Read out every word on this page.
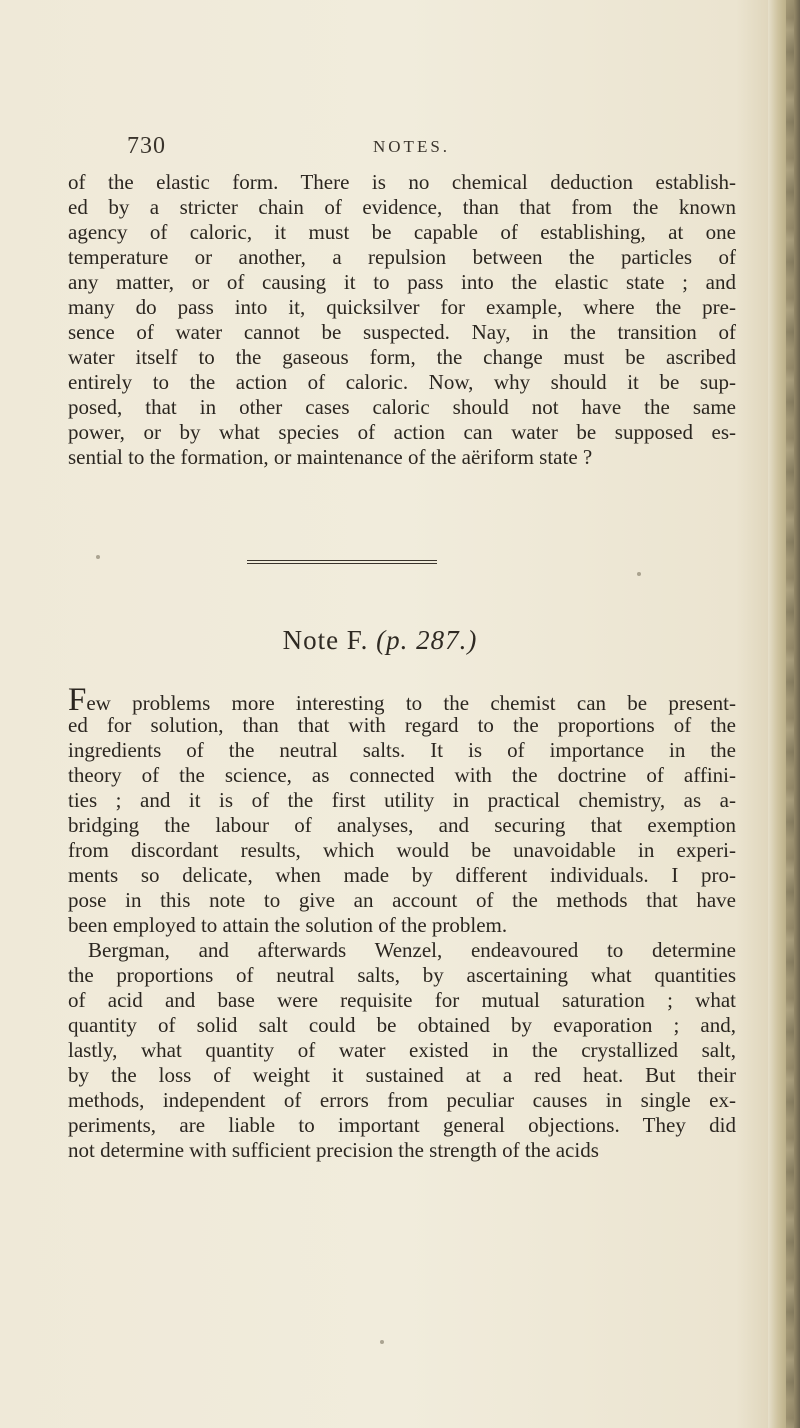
730	NOTES.
of the elastic form. There is no chemical deduction establish-
ed by a stricter chain of evidence, than that from the known
agency of caloric, it must be capable of establishing, at one
temperature or another, a repulsion between the particles of
any matter, or of causing it to pass into the elastic state ; and
many do pass into it, quicksilver for example, where the pre-
sence of water cannot be suspected. Nay, in the transition of
water itself to the gaseous form, the change must be ascribed
entirely to the action of caloric. Now, why should it be sup-
posed, that in other cases caloric should not have the same
power, or by what species of action can water be supposed es-
sential to the formation, or maintenance of the aëriform state ?
Note F. (p. 287.)
Few problems more interesting to the chemist can be present-
ed for solution, than that with regard to the proportions of the
ingredients of the neutral salts. It is of importance in the
theory of the science, as connected with the doctrine of affini-
ties ; and it is of the first utility in practical chemistry, as a-
bridging the labour of analyses, and securing that exemption
from discordant results, which would be unavoidable in experi-
ments so delicate, when made by different individuals. I pro-
pose in this note to give an account of the methods that have
been employed to attain the solution of the problem.
Bergman, and afterwards Wenzel, endeavoured to determine
the proportions of neutral salts, by ascertaining what quantities
of acid and base were requisite for mutual saturation ; what
quantity of solid salt could be obtained by evaporation ; and,
lastly, what quantity of water existed in the crystallized salt,
by the loss of weight it sustained at a red heat. But their
methods, independent of errors from peculiar causes in single ex-
periments, are liable to important general objections. They did
not determine with sufficient precision the strength of the acids
